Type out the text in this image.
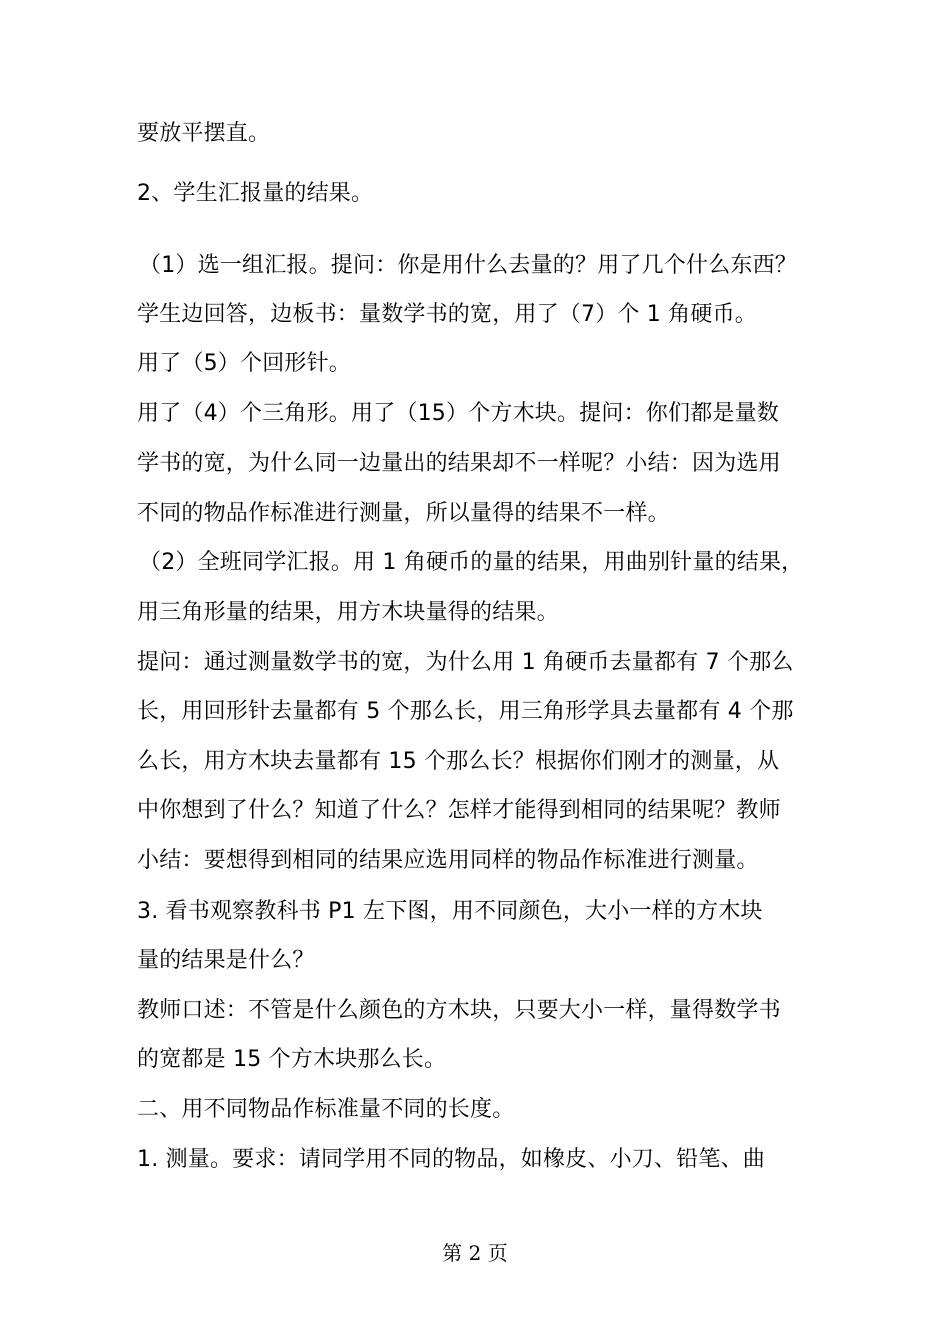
要放平摆直。
2、学生汇报量的结果。
（1）选一组汇报。提问：你是用什么去量的？用了几个什么东西？
学生边回答，边板书：量数学书的宽，用了（7）个 1 角硬币。
用了（5）个回形针。
用了（4）个三角形。用了（15）个方木块。提问：你们都是量数
学书的宽，为什么同一边量出的结果却不一样呢？小结：因为选用
不同的物品作标准进行测量，所以量得的结果不一样。
（2）全班同学汇报。用 1 角硬币的量的结果，用曲别针量的结果，
用三角形量的结果，用方木块量得的结果。
提问：通过测量数学书的宽，为什么用 1 角硬币去量都有 7 个那么
长，用回形针去量都有 5 个那么长，用三角形学具去量都有 4 个那
么长，用方木块去量都有 15 个那么长？根据你们刚才的测量，从
中你想到了什么？知道了什么？怎样才能得到相同的结果呢？教师
小结：要想得到相同的结果应选用同样的物品作标准进行测量。
3. 看书观察教科书 P1 左下图，用不同颜色，大小一样的方木块
量的结果是什么？
教师口述：不管是什么颜色的方木块，只要大小一样，量得数学书
的宽都是 15 个方木块那么长。
二、用不同物品作标准量不同的长度。
1. 测量。要求：请同学用不同的物品，如橡皮、小刀、铅笔、曲
第 2 页
